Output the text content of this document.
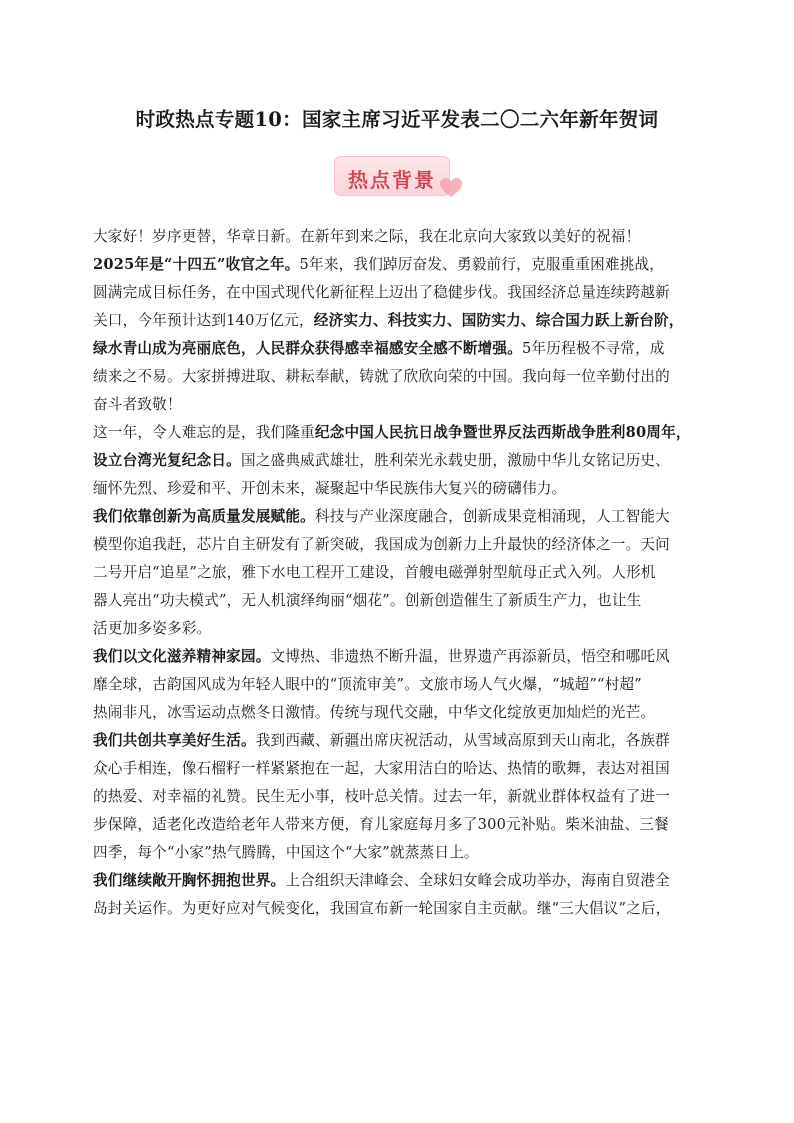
时政热点专题10：国家主席习近平发表二〇二六年新年贺词
热点背景
大家好！岁序更替，华章日新。在新年到来之际，我在北京向大家致以美好的祝福！
2025年是“十四五”收官之年。5年来，我们踔厉奋发、勇毅前行，克服重重困难挑战，
圆满完成目标任务，在中国式现代化新征程上迈出了稳健步伐。我国经济总量连续跨越新
关口，今年预计达到140万亿元，经济实力、科技实力、国防实力、综合国力跃上新台阶，
绿水青山成为亮丽底色，人民群众获得感幸福感安全感不断增强。5年历程极不寻常，成
绩来之不易。大家拼搏进取、耕耘奉献，铸就了欣欣向荣的中国。我向每一位辛勤付出的
奋斗者致敬！
这一年，令人难忘的是，我们隆重纪念中国人民抗日战争暨世界反法西斯战争胜利80周年，
设立台湾光复纪念日。国之盛典威武雄壮，胜利荣光永载史册，激励中华儿女铭记历史、
缅怀先烈、珍爱和平、开创未来，凝聚起中华民族伟大复兴的磅礴伟力。
我们依靠创新为高质量发展赋能。科技与产业深度融合，创新成果竞相涌现，人工智能大
模型你追我赶，芯片自主研发有了新突破，我国成为创新力上升最快的经济体之一。天问
二号开启“追星”之旅，雅下水电工程开工建设，首艘电磁弹射型航母正式入列。人形机
器人亮出“功夫模式”，无人机演绎绚丽“烟花”。创新创造催生了新质生产力，也让生
活更加多姿多彩。
我们以文化滋养精神家园。文博热、非遗热不断升温，世界遗产再添新员，悟空和哪吒风
靡全球，古韵国风成为年轻人眼中的“顶流审美”。文旅市场人气火爆，“城超”“村超”
热闹非凡，冰雪运动点燃冬日激情。传统与现代交融，中华文化绽放更加灿烂的光芒。
我们共创共享美好生活。我到西藏、新疆出席庆祝活动，从雪域高原到天山南北，各族群
众心手相连，像石榴籽一样紧紧抱在一起，大家用洁白的哈达、热情的歌舞，表达对祖国
的热爱、对幸福的礼赞。民生无小事，枝叶总关情。过去一年，新就业群体权益有了进一
步保障，适老化改造给老年人带来方便，育儿家庭每月多了300元补贴。柴米油盐、三餐
四季，每个“小家”热气腾腾，中国这个“大家”就蒸蒸日上。
我们继续敞开胸怀拥抱世界。上合组织天津峰会、全球妇女峰会成功举办，海南自贸港全
岛封关运作。为更好应对气候变化，我国宣布新一轮国家自主贡献。继“三大倡议”之后，
